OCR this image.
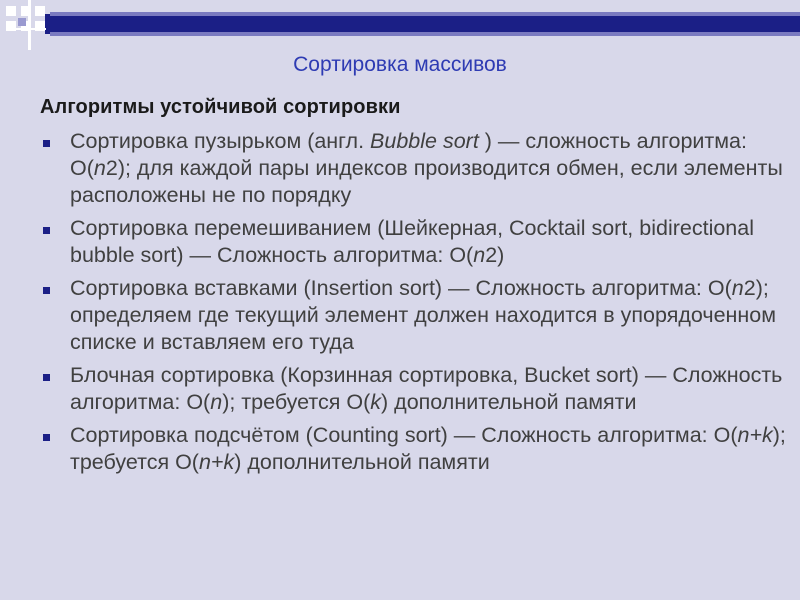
Сортировка массивов
Алгоритмы устойчивой сортировки
Сортировка пузырьком (англ. Bubble sort ) — сложность алгоритма: O(n2); для каждой пары индексов производится обмен, если элементы расположены не по порядку
Сортировка перемешиванием (Шейкерная, Cocktail sort, bidirectional bubble sort) — Сложность алгоритма: O(n2)
Сортировка вставками (Insertion sort) — Сложность алгоритма: O(n2); определяем где текущий элемент должен находится в упорядоченном списке и вставляем его туда
Блочная сортировка (Корзинная сортировка, Bucket sort) — Сложность алгоритма: O(n); требуется O(k) дополнительной памяти
Сортировка подсчётом (Counting sort) — Сложность алгоритма: O(n+k); требуется O(n+k) дополнительной памяти
